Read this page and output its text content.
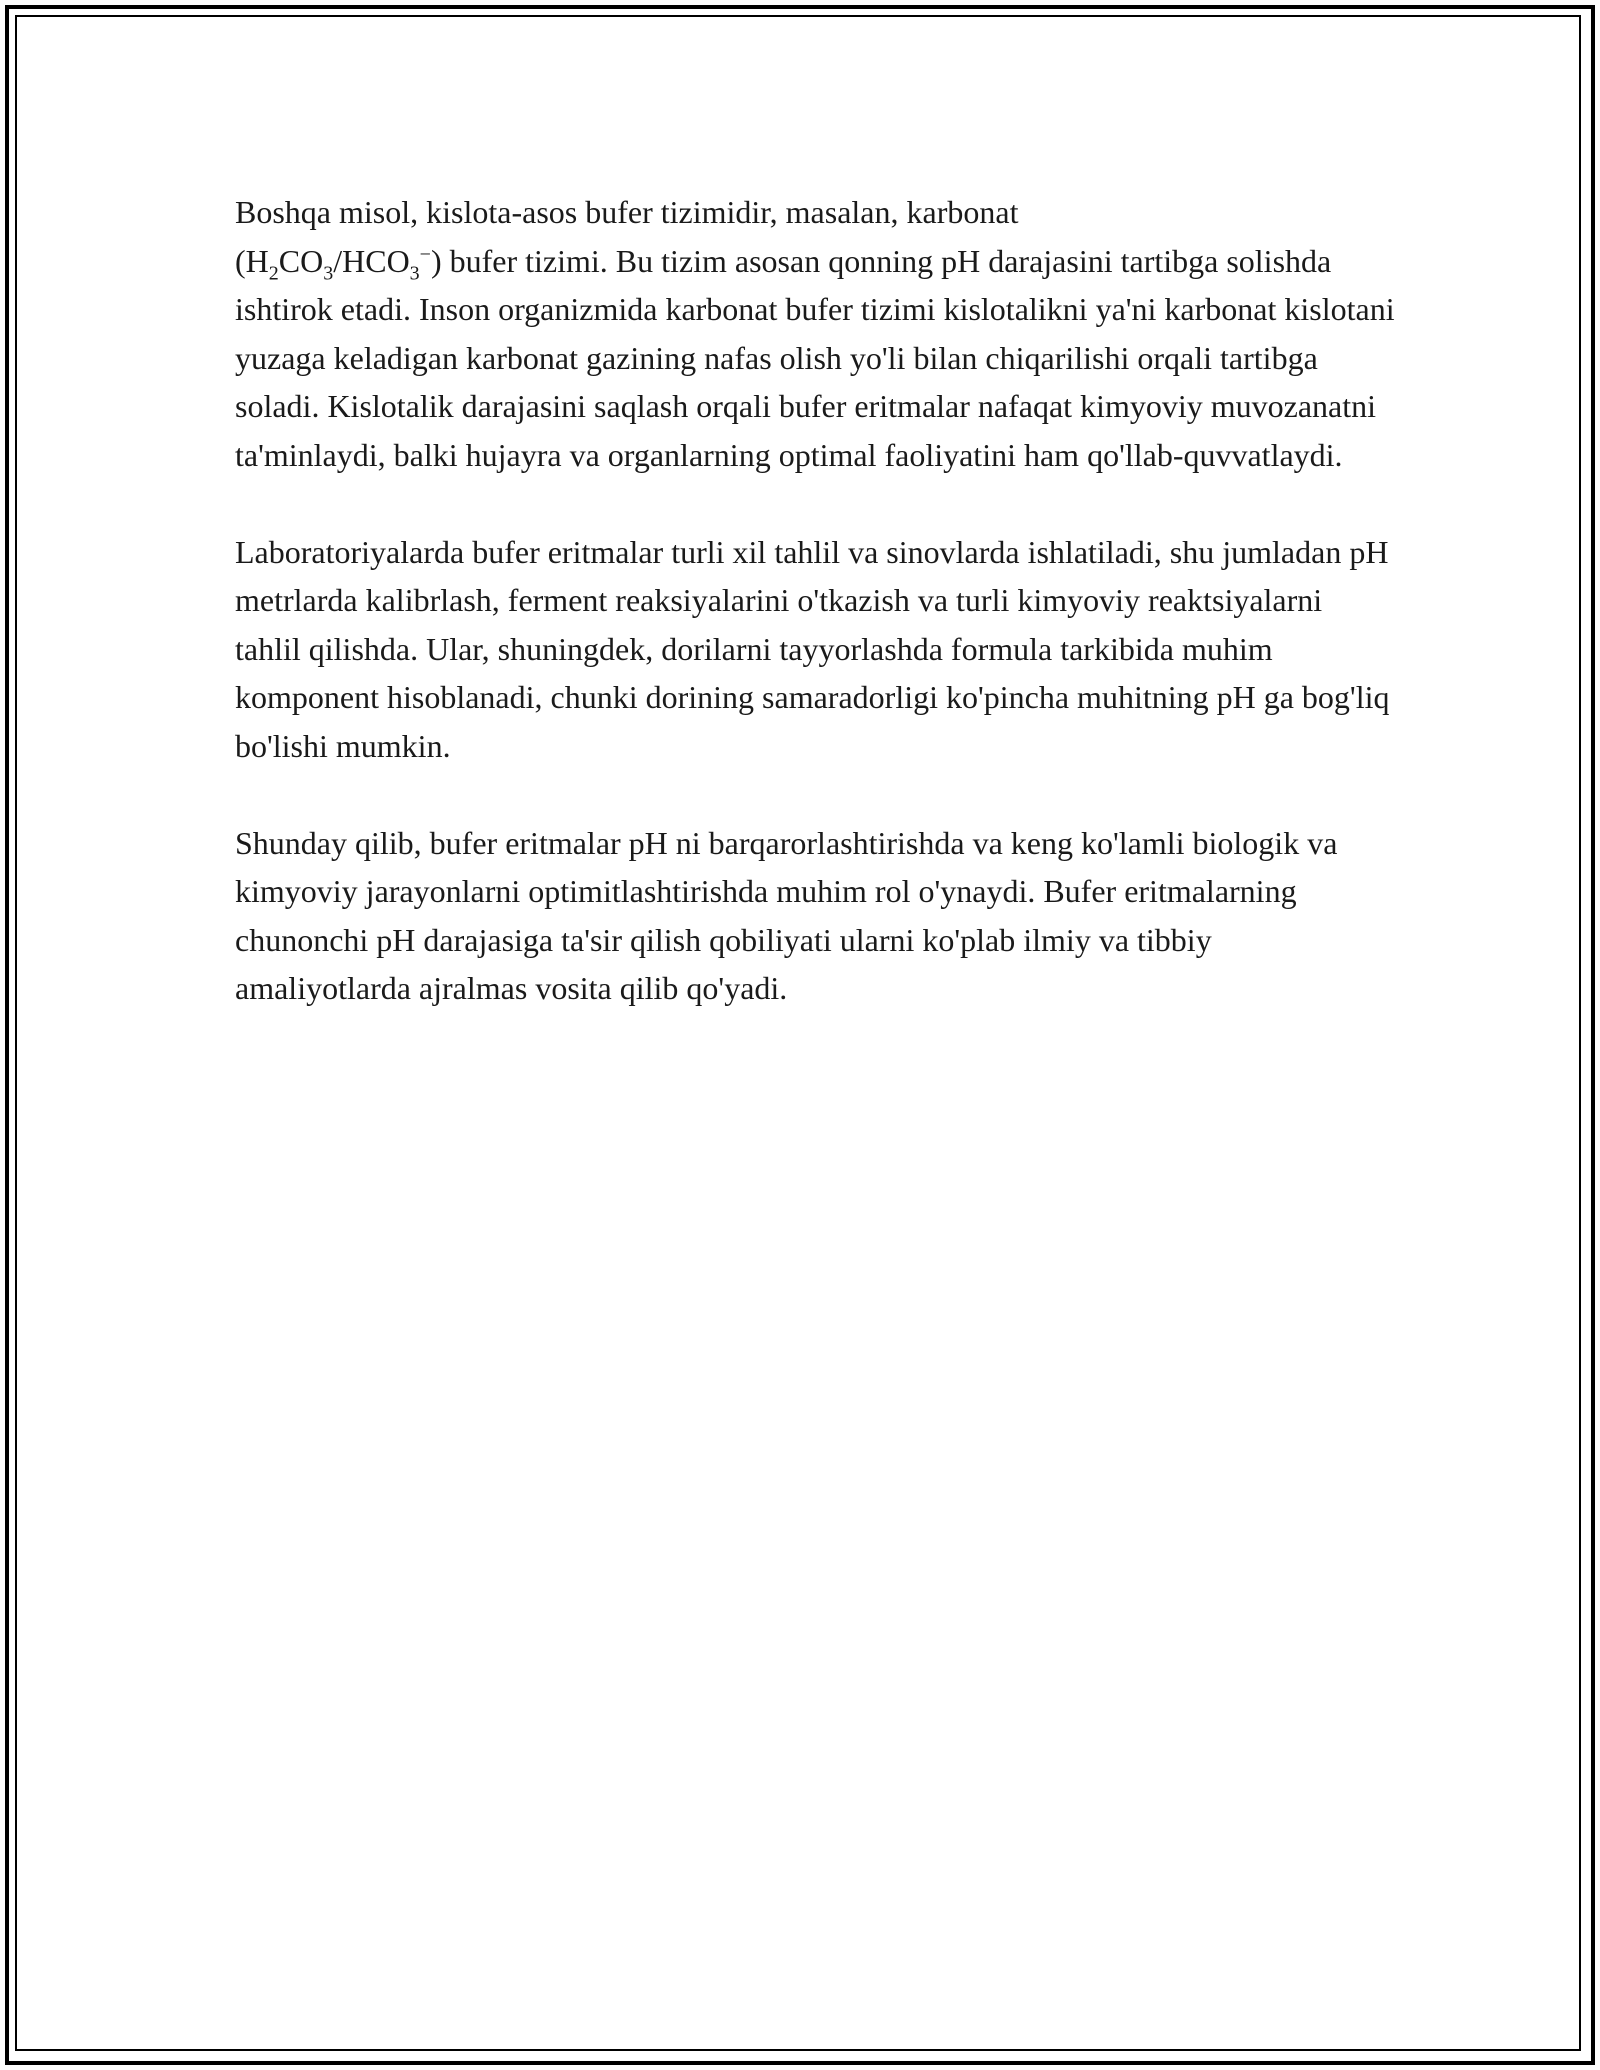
Boshqa misol, kislota-asos bufer tizimidir, masalan, karbonat
$(H_2CO_3/HCO_3^-)$ bufer tizimi. Bu tizim asosan qonning pH darajasini tartibga solishda ishtirok etadi. Inson organizmida karbonat bufer tizimi kislotalikni ya'ni karbonat kislotani yuzaga keladigan karbonat gazining nafas olish yo'li bilan chiqarilishi orqali tartibga soladi. Kislotalik darajasini saqlash orqali bufer eritmalar nafaqat kimyoviy muvozanatni ta'minlaydi, balki hujayra va organlarning optimal faoliyatini ham qo'llab-quvvatlaydi.

Laboratoriyalarda bufer eritmalar turli xil tahlil va sinovlarda ishlatiladi, shu jumladan pH metrlarda kalibrlash, ferment reaksiyalarini o'tkazish va turli kimyoviy reaktsiyalarni tahlil qilishda. Ular, shuningdek, dorilarni tayyorlashda formula tarkibida muhim komponent hisoblanadi, chunki dorining samaradorligi ko'pincha muhitning pH ga bog'liq bo'lishi mumkin.

Shunday qilib, bufer eritmalar pH ni barqarorlashtirishda va keng ko'lamli biologik va kimyoviy jarayonlarni optimitlashtirishda muhim rol o'ynaydi. Bufer eritmalarning chunonchi pH darajasiga ta'sir qilish qobiliyati ularni ko'plab ilmiy va tibbiy amaliyotlarda ajralmas vosita qilib qo'yadi.
